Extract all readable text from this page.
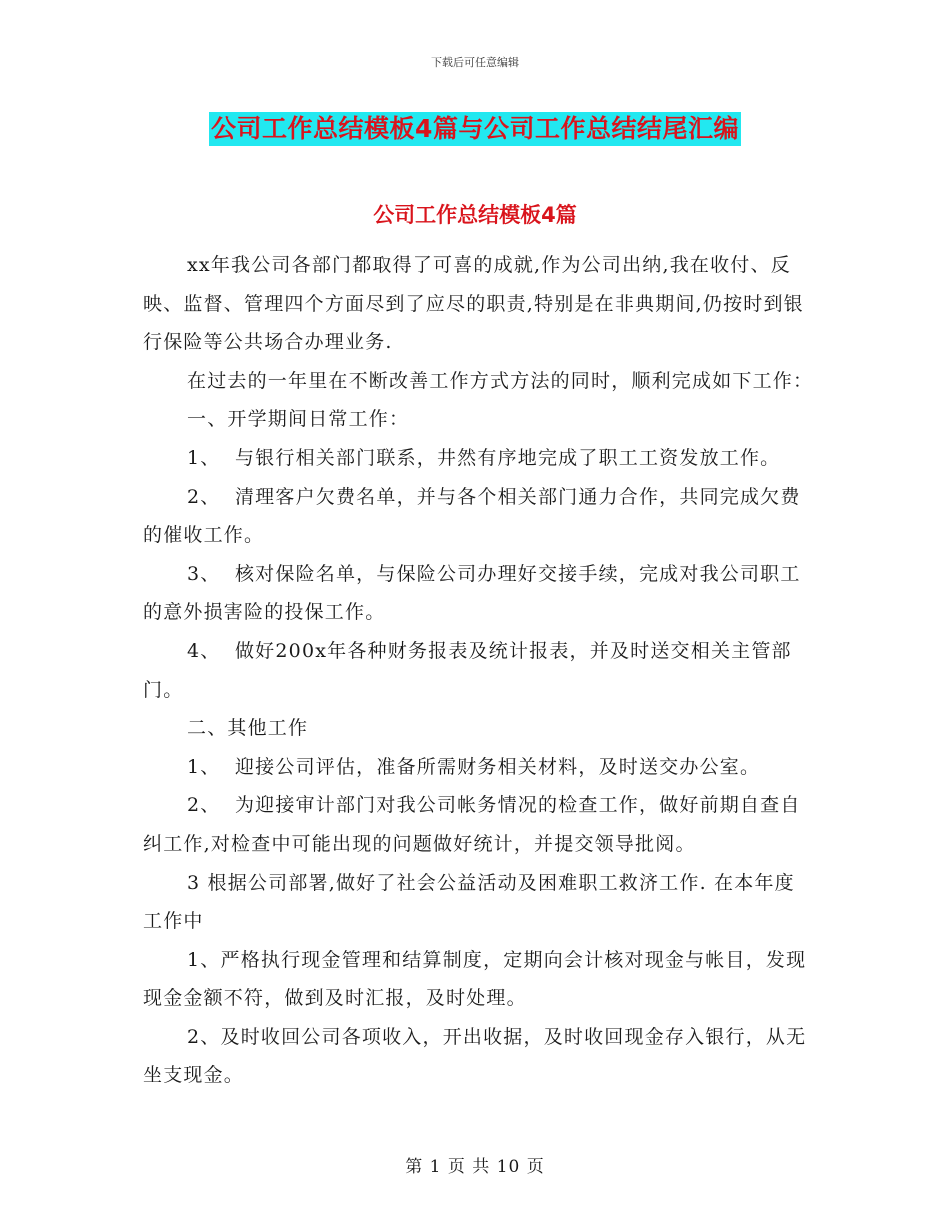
下载后可任意编辑
公司工作总结模板4篇与公司工作总结结尾汇编
公司工作总结模板4篇

xx年我公司各部门都取得了可喜的成就,作为公司出纳,我在收付、反映、监督、管理四个方面尽到了应尽的职责,特别是在非典期间,仍按时到银行保险等公共场合办理业务.

在过去的一年里在不断改善工作方式方法的同时，顺利完成如下工作：

一、开学期间日常工作：

1、  与银行相关部门联系，井然有序地完成了职工工资发放工作。

2、  清理客户欠费名单，并与各个相关部门通力合作，共同完成欠费的催收工作。

3、  核对保险名单，与保险公司办理好交接手续，完成对我公司职工的意外损害险的投保工作。

4、  做好200x年各种财务报表及统计报表，并及时送交相关主管部门。

二、其他工作

1、  迎接公司评估，准备所需财务相关材料，及时送交办公室。

2、  为迎接审计部门对我公司帐务情况的检查工作，做好前期自查自纠工作,对检查中可能出现的问题做好统计，并提交领导批阅。

3 根据公司部署,做好了社会公益活动及困难职工救济工作. 在本年度工作中

1、严格执行现金管理和结算制度，定期向会计核对现金与帐目，发现现金金额不符，做到及时汇报，及时处理。

2、及时收回公司各项收入，开出收据，及时收回现金存入银行，从无坐支现金。

第 1 页 共 10 页
